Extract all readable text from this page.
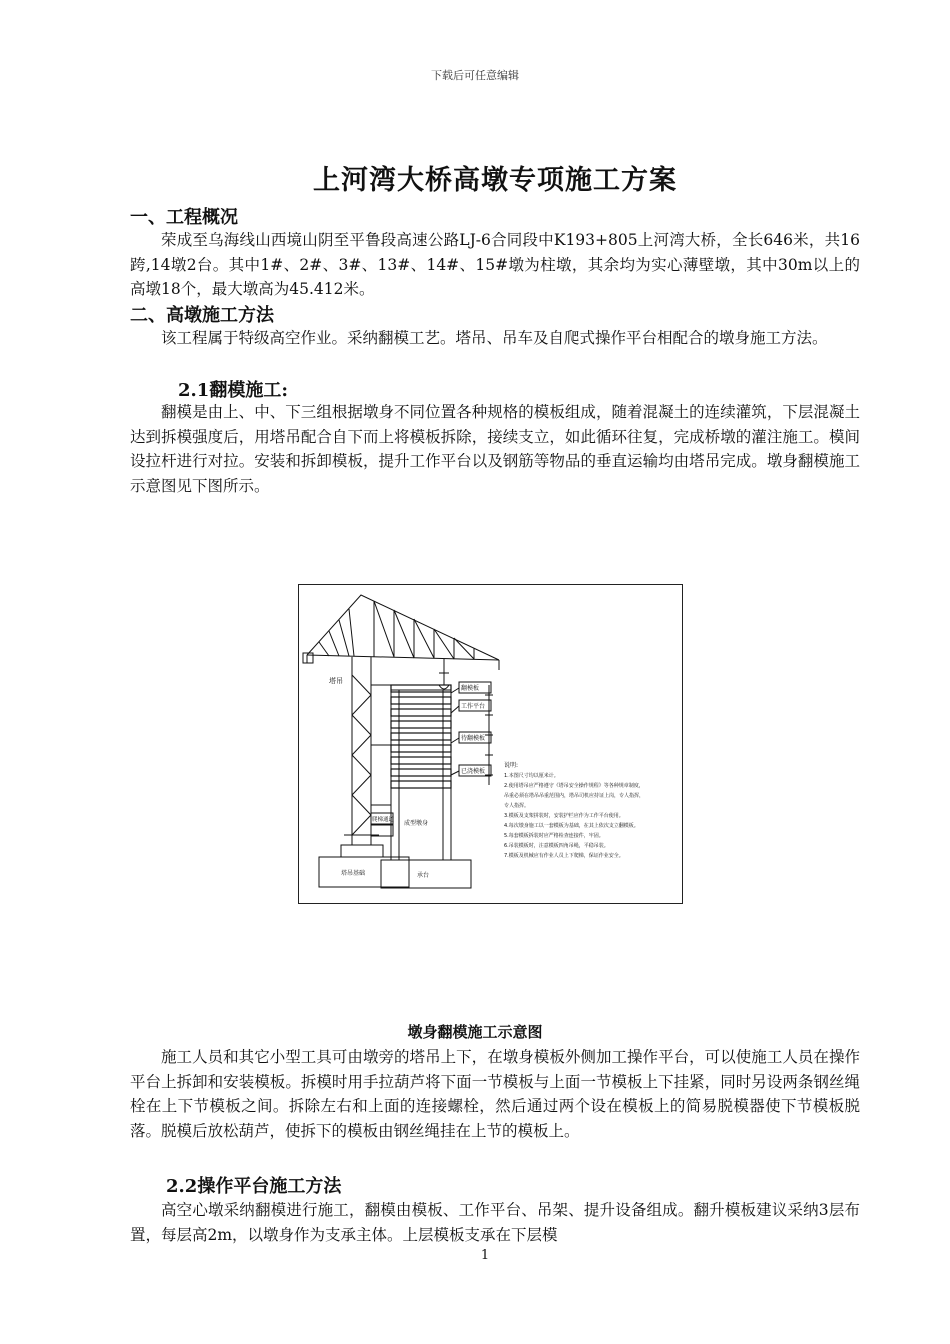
下载后可任意编辑
上河湾大桥高墩专项施工方案
一、工程概况
荣成至乌海线山西境山阴至平鲁段高速公路LJ-6合同段中K193+805上河湾大桥，全长646米，共16跨,14墩2台。其中1#、2#、3#、13#、14#、15#墩为柱墩，其余均为实心薄壁墩，其中30m以上的高墩18个，最大墩高为45.412米。
二、高墩施工方法
该工程属于特级高空作业。采纳翻模工艺。塔吊、吊车及自爬式操作平台相配合的墩身施工方法。
2.1翻模施工:
翻模是由上、中、下三组根据墩身不同位置各种规格的模板组成，随着混凝土的连续灌筑，下层混凝土达到拆模强度后，用塔吊配合自下而上将模板拆除，接续支立，如此循环往复，完成桥墩的灌注施工。模间设拉杆进行对拉。安装和拆卸模板，提升工作平台以及钢筋等物品的垂直运输均由塔吊完成。墩身翻模施工示意图见下图所示。
塔吊
翻模板
工作平台
待翻模板
已浇模板
爬梯通道 成型墩身
承台
塔吊基础
说明:
1.本图尺寸均以厘米计。
2.使用塔吊应严格遵守《塔吊安全操作规程》等各种规章制度，
吊重必须在塔吊吊重范围内，塔吊司机应持证上岗，专人指挥，
专人指挥。
3.模板及支架拼装时，安装护栏应作为工作平台使用。
4.每次墩身施工以一套模板为基础，在其上依次支立翻模板。
5.每套模板拆装时应严格检查连接件，牢固。
6.吊装模板时，注意模板四角吊绳，平稳吊装。
7.模板及机械应有作业人员上下爬梯，保证作业安全。
墩身翻模施工示意图
施工人员和其它小型工具可由墩旁的塔吊上下，在墩身模板外侧加工操作平台，可以使施工人员在操作平台上拆卸和安装模板。拆模时用手拉葫芦将下面一节模板与上面一节模板上下挂紧，同时另设两条钢丝绳栓在上下节模板之间。拆除左右和上面的连接螺栓，然后通过两个设在模板上的简易脱模器使下节模板脱落。脱模后放松葫芦，使拆下的模板由钢丝绳挂在上节的模板上。
2.2操作平台施工方法
高空心墩采纳翻模进行施工，翻模由模板、工作平台、吊架、提升设备组成。翻升模板建议采纳3层布置，每层高2m，以墩身作为支承主体。上层模板支承在下层模
1
